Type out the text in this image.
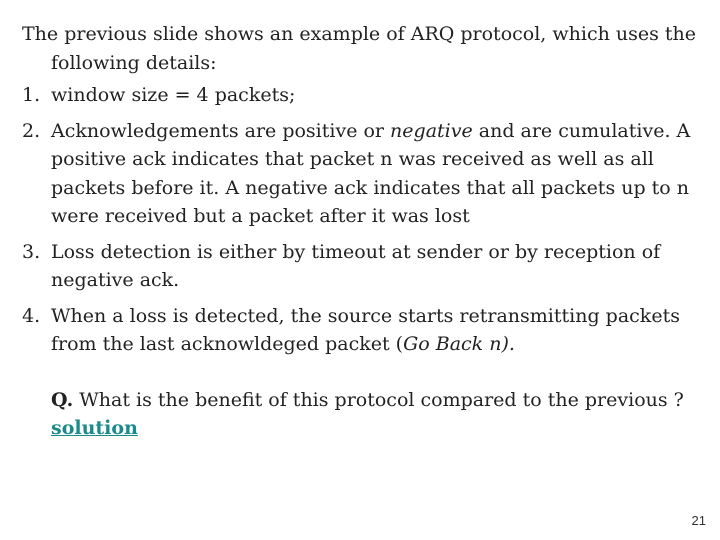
The previous slide shows an example of ARQ protocol, which uses the following details:

1. window size = 4 packets;
2. Acknowledgements are positive or negative and are cumulative. A positive ack indicates that packet n was received as well as all packets before it. A negative ack indicates that all packets up to n were received but a packet after it was lost
3. Loss detection is either by timeout at sender or by reception of negative ack.
4. When a loss is detected, the source starts retransmitting packets from the last acknowldeged packet (Go Back n).
Q. What is the benefit of this protocol compared to the previous ?
solution
21
